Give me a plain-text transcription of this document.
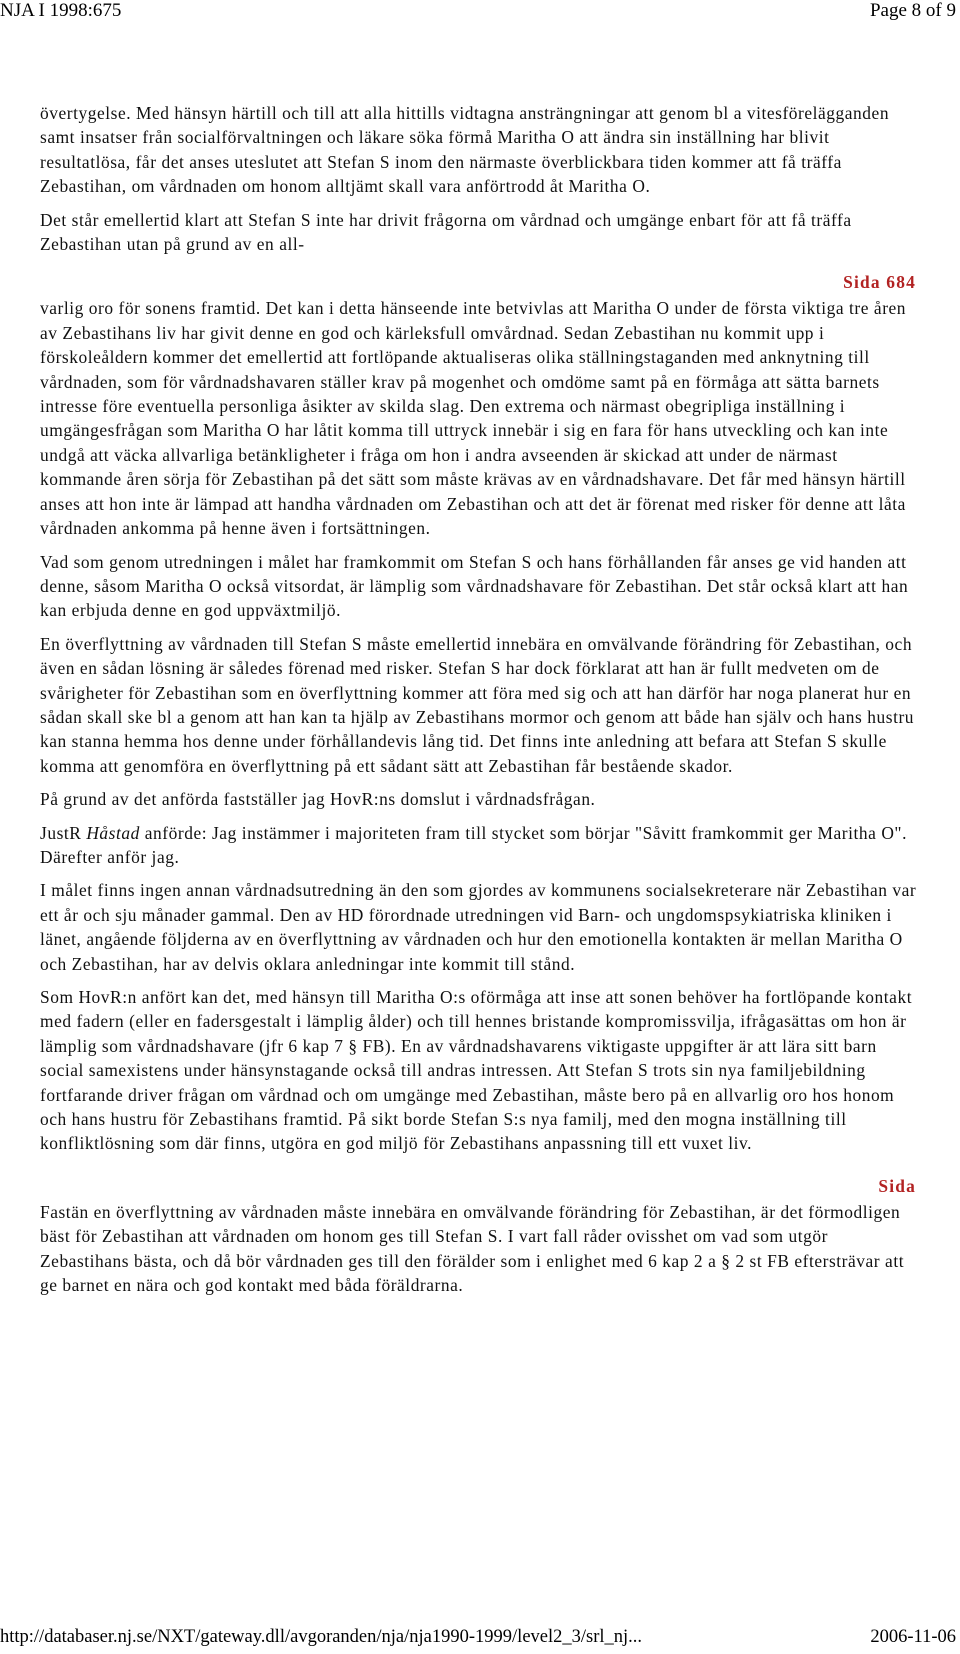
NJA I 1998:675	Page 8 of 9

övertygelse. Med hänsyn härtill och till att alla hittills vidtagna ansträngningar att genom bl a vitesförelägganden samt insatser från socialförvaltningen och läkare söka förmå Maritha O att ändra sin inställning har blivit resultatlösa, får det anses uteslutet att Stefan S inom den närmaste överblickbara tiden kommer att få träffa Zebastihan, om vårdnaden om honom alltjämt skall vara anförtrodd åt Maritha O.

Det står emellertid klart att Stefan S inte har drivit frågorna om vårdnad och umgänge enbart för att få träffa Zebastihan utan på grund av en all-

Sida 684

varlig oro för sonens framtid. Det kan i detta hänseende inte betvivlas att Maritha O under de första viktiga tre åren av Zebastihans liv har givit denne en god och kärleksfull omvårdnad. Sedan Zebastihan nu kommit upp i förskoleåldern kommer det emellertid att fortlöpande aktualiseras olika ställningstaganden med anknytning till vårdnaden, som för vårdnadshavaren ställer krav på mogenhet och omdöme samt på en förmåga att sätta barnets intresse före eventuella personliga åsikter av skilda slag. Den extrema och närmast obegripliga inställning i umgängesfrågan som Maritha O har låtit komma till uttryck innebär i sig en fara för hans utveckling och kan inte undgå att väcka allvarliga betänkligheter i fråga om hon i andra avseenden är skickad att under de närmast kommande åren sörja för Zebastihan på det sätt som måste krävas av en vårdnadshavare. Det får med hänsyn härtill anses att hon inte är lämpad att handha vårdnaden om Zebastihan och att det är förenat med risker för denne att låta vårdnaden ankomma på henne även i fortsättningen.

Vad som genom utredningen i målet har framkommit om Stefan S och hans förhållanden får anses ge vid handen att denne, såsom Maritha O också vitsordat, är lämplig som vårdnadshavare för Zebastihan. Det står också klart att han kan erbjuda denne en god uppväxtmiljö.

En överflyttning av vårdnaden till Stefan S måste emellertid innebära en omvälvande förändring för Zebastihan, och även en sådan lösning är således förenad med risker. Stefan S har dock förklarat att han är fullt medveten om de svårigheter för Zebastihan som en överflyttning kommer att föra med sig och att han därför har noga planerat hur en sådan skall ske bl a genom att han kan ta hjälp av Zebastihans mormor och genom att både han själv och hans hustru kan stanna hemma hos denne under förhållandevis lång tid. Det finns inte anledning att befara att Stefan S skulle komma att genomföra en överflyttning på ett sådant sätt att Zebastihan får bestående skador.

På grund av det anförda fastställer jag HovR:ns domslut i vårdnadsfrågan.

JustR Håstad anförde: Jag instämmer i majoriteten fram till stycket som börjar "Såvitt framkommit ger Maritha O". Därefter anför jag.

I målet finns ingen annan vårdnadsutredning än den som gjordes av kommunens socialsekreterare när Zebastihan var ett år och sju månader gammal. Den av HD förordnade utredningen vid Barn- och ungdomspsykiatriska kliniken i länet, angående följderna av en överflyttning av vårdnaden och hur den emotionella kontakten är mellan Maritha O och Zebastihan, har av delvis oklara anledningar inte kommit till stånd.

Som HovR:n anfört kan det, med hänsyn till Maritha O:s oförmåga att inse att sonen behöver ha fortlöpande kontakt med fadern (eller en fadersgestalt i lämplig ålder) och till hennes bristande kompromissvilja, ifrågasättas om hon är lämplig som vårdnadshavare (jfr 6 kap 7 § FB). En av vårdnadshavarens viktigaste uppgifter är att lära sitt barn social samexistens under hänsynstagande också till andras intressen. Att Stefan S trots sin nya familjebildning fortfarande driver frågan om vårdnad och om umgänge med Zebastihan, måste bero på en allvarlig oro hos honom och hans hustru för Zebastihans framtid. På sikt borde Stefan S:s nya familj, med den mogna inställning till konfliktlösning som där finns, utgöra en god miljö för Zebastihans anpassning till ett vuxet liv.

Sida

Fastän en överflyttning av vårdnaden måste innebära en omvälvande förändring för Zebastihan, är det förmodligen bäst för Zebastihan att vårdnaden om honom ges till Stefan S. I vart fall råder ovisshet om vad som utgör Zebastihans bästa, och då bör vårdnaden ges till den förälder som i enlighet med 6 kap 2 a § 2 st FB eftersträvar att ge barnet en nära och god kontakt med båda föräldrarna.

http://databaser.nj.se/NXT/gateway.dll/avgoranden/nja/nja1990-1999/level2_3/srl_nj...	2006-11-06
